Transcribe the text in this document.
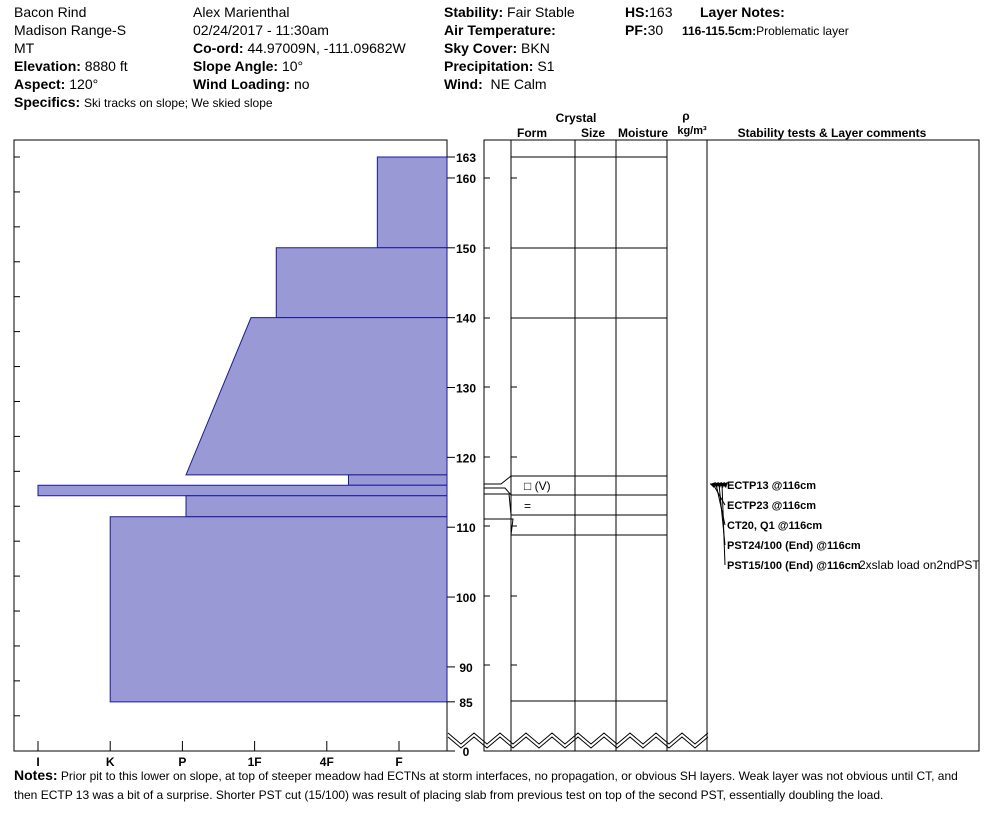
Bacon Rind
Madison Range-S
MT
Elevation: 8880 ft
Aspect: 120°
Specifics: Ski tracks on slope; We skied slope
Alex Marienthal
02/24/2017 - 11:30am
Co-ord: 44.97009N, -111.09682W
Slope Angle: 10°
Wind Loading: no
Stability: Fair Stable
Air Temperature:
Sky Cover: BKN
Precipitation: S1
Wind: NE Calm
HS:163
PF:30
Layer Notes:
116-115.5cm:Problematic layer
I	K	P	1F	4F	F
163
160
150
140
130
120
110
100
90
85
0
□ (V)
=
ECTP13 @116cm
ECTP23 @116cm
CT20, Q1 @116cm
PST24/100 (End) @116cm
PST15/100 (End) @116cm
2xslab load on2ndPST
Crystal
Form	Size Moisture
ρ
kg/m³	Stability tests & Layer comments
Notes: Prior pit to this lower on slope, at top of steeper meadow had ECTNs at storm interfaces, no propagation, or obvious SH layers. Weak layer was not obvious until CT, and then ECTP 13 was a bit of a surprise. Shorter PST cut (15/100) was result of placing slab from previous test on top of the second PST, essentially doubling the load.
